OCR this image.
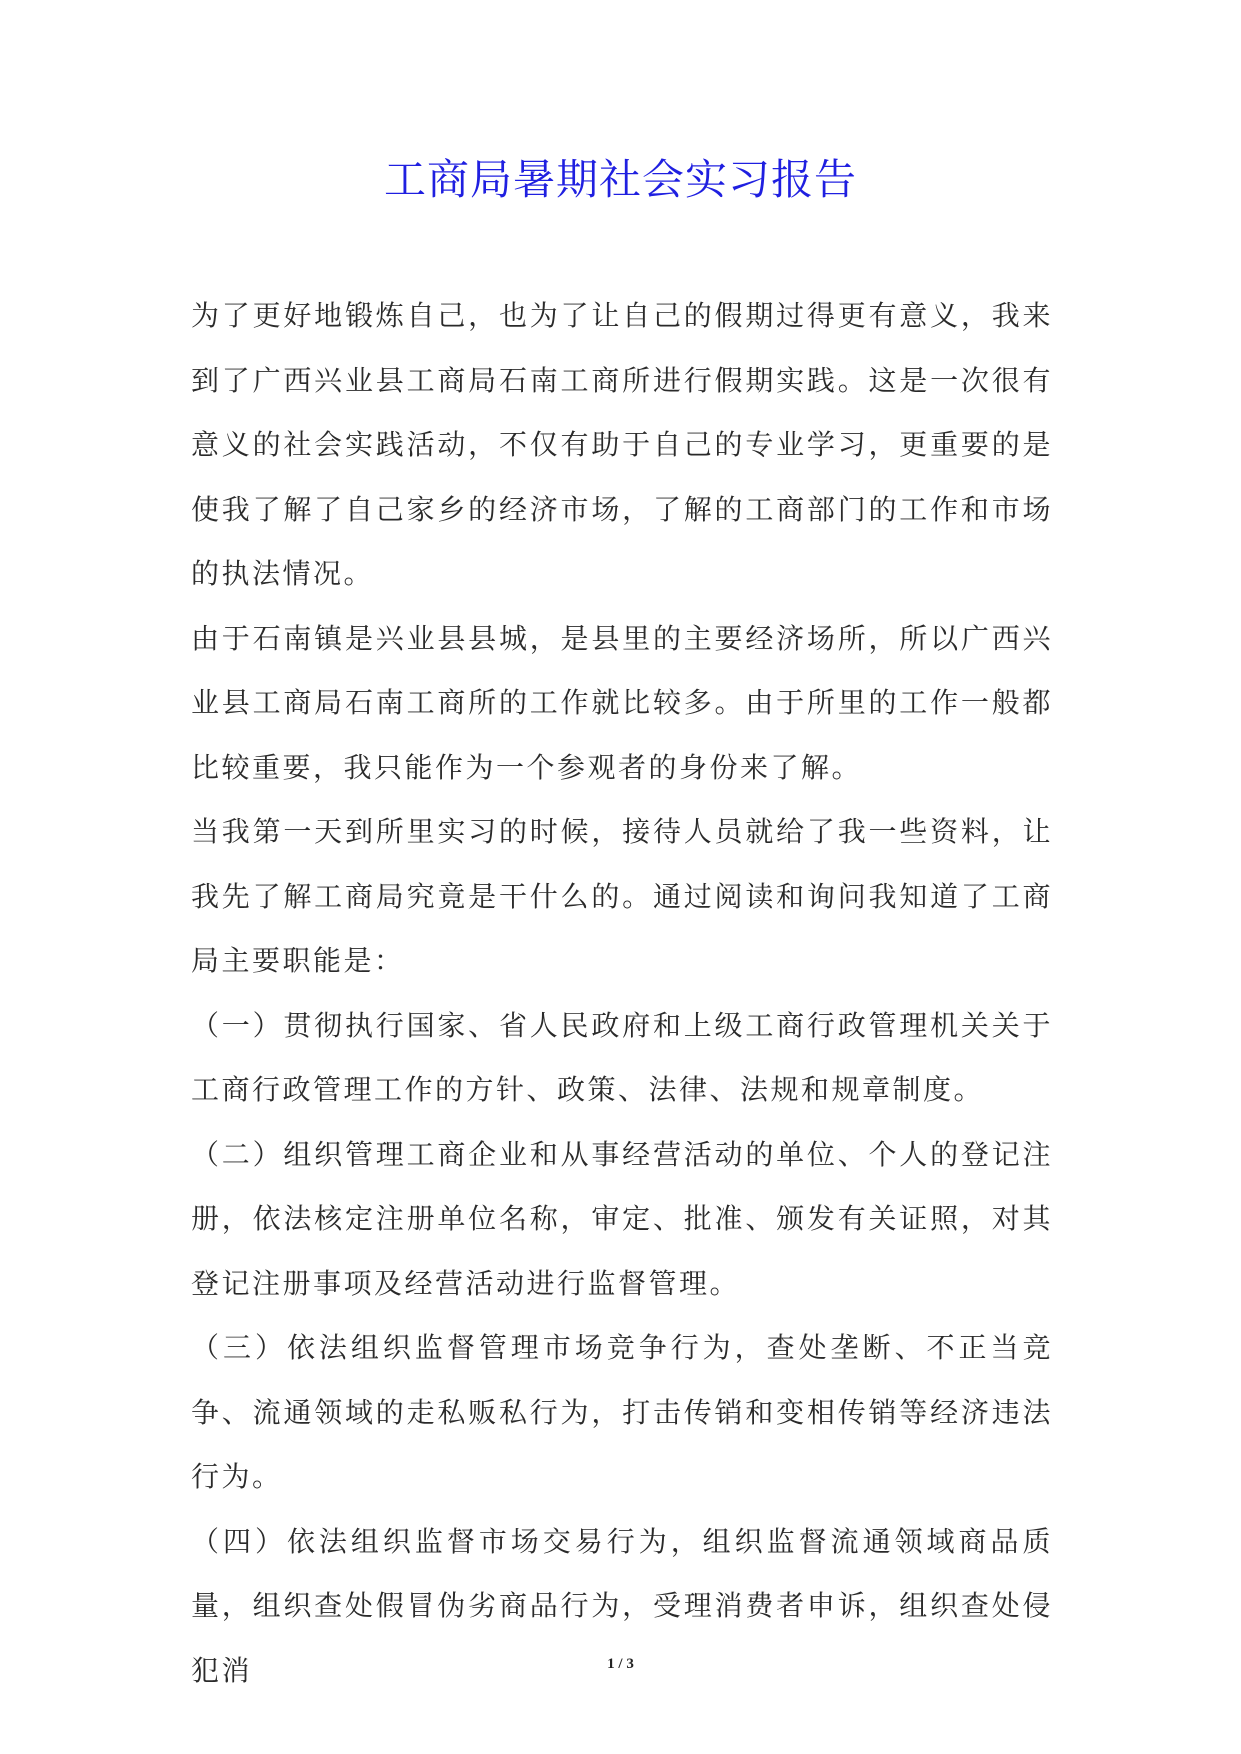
工商局暑期社会实习报告

为了更好地锻炼自己，也为了让自己的假期过得更有意义，我来到了广西兴业县工商局石南工商所进行假期实践。这是一次很有意义的社会实践活动，不仅有助于自己的专业学习，更重要的是使我了解了自己家乡的经济市场，了解的工商部门的工作和市场的执法情况。

由于石南镇是兴业县县城，是县里的主要经济场所，所以广西兴业县工商局石南工商所的工作就比较多。由于所里的工作一般都比较重要，我只能作为一个参观者的身份来了解。

当我第一天到所里实习的时候，接待人员就给了我一些资料，让我先了解工商局究竟是干什么的。通过阅读和询问我知道了工商局主要职能是：

（一）贯彻执行国家、省人民政府和上级工商行政管理机关关于工商行政管理工作的方针、政策、法律、法规和规章制度。

（二）组织管理工商企业和从事经营活动的单位、个人的登记注册，依法核定注册单位名称，审定、批准、颁发有关证照，对其登记注册事项及经营活动进行监督管理。

（三）依法组织监督管理市场竞争行为，查处垄断、不正当竞争、流通领域的走私贩私行为，打击传销和变相传销等经济违法行为。

（四）依法组织监督市场交易行为，组织监督流通领域商品质量，组织查处假冒伪劣商品行为，受理消费者申诉，组织查处侵犯消	1 / 3
